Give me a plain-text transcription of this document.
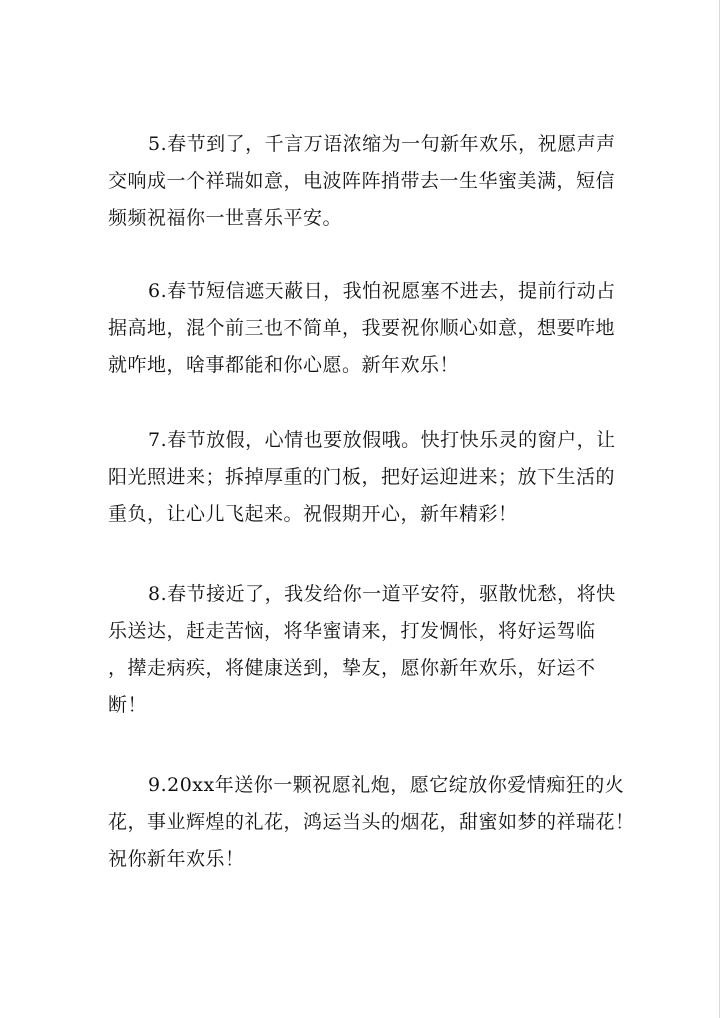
5.春节到了，千言万语浓缩为一句新年欢乐，祝愿声声
交响成一个祥瑞如意，电波阵阵捎带去一生华蜜美满，短信
频频祝福你一世喜乐平安。
6.春节短信遮天蔽日，我怕祝愿塞不进去，提前行动占
据高地，混个前三也不简单，我要祝你顺心如意，想要咋地
就咋地，啥事都能和你心愿。新年欢乐！
7.春节放假，心情也要放假哦。快打快乐灵的窗户，让
阳光照进来；拆掉厚重的门板，把好运迎进来；放下生活的
重负，让心儿飞起来。祝假期开心，新年精彩！
8.春节接近了，我发给你一道平安符，驱散忧愁，将快
乐送达，赶走苦恼，将华蜜请来，打发惆怅，将好运驾临
，撵走病疾，将健康送到，挚友，愿你新年欢乐，好运不
断！
9.20xx年送你一颗祝愿礼炮，愿它绽放你爱情痴狂的火
花，事业辉煌的礼花，鸿运当头的烟花，甜蜜如梦的祥瑞花！
祝你新年欢乐！
